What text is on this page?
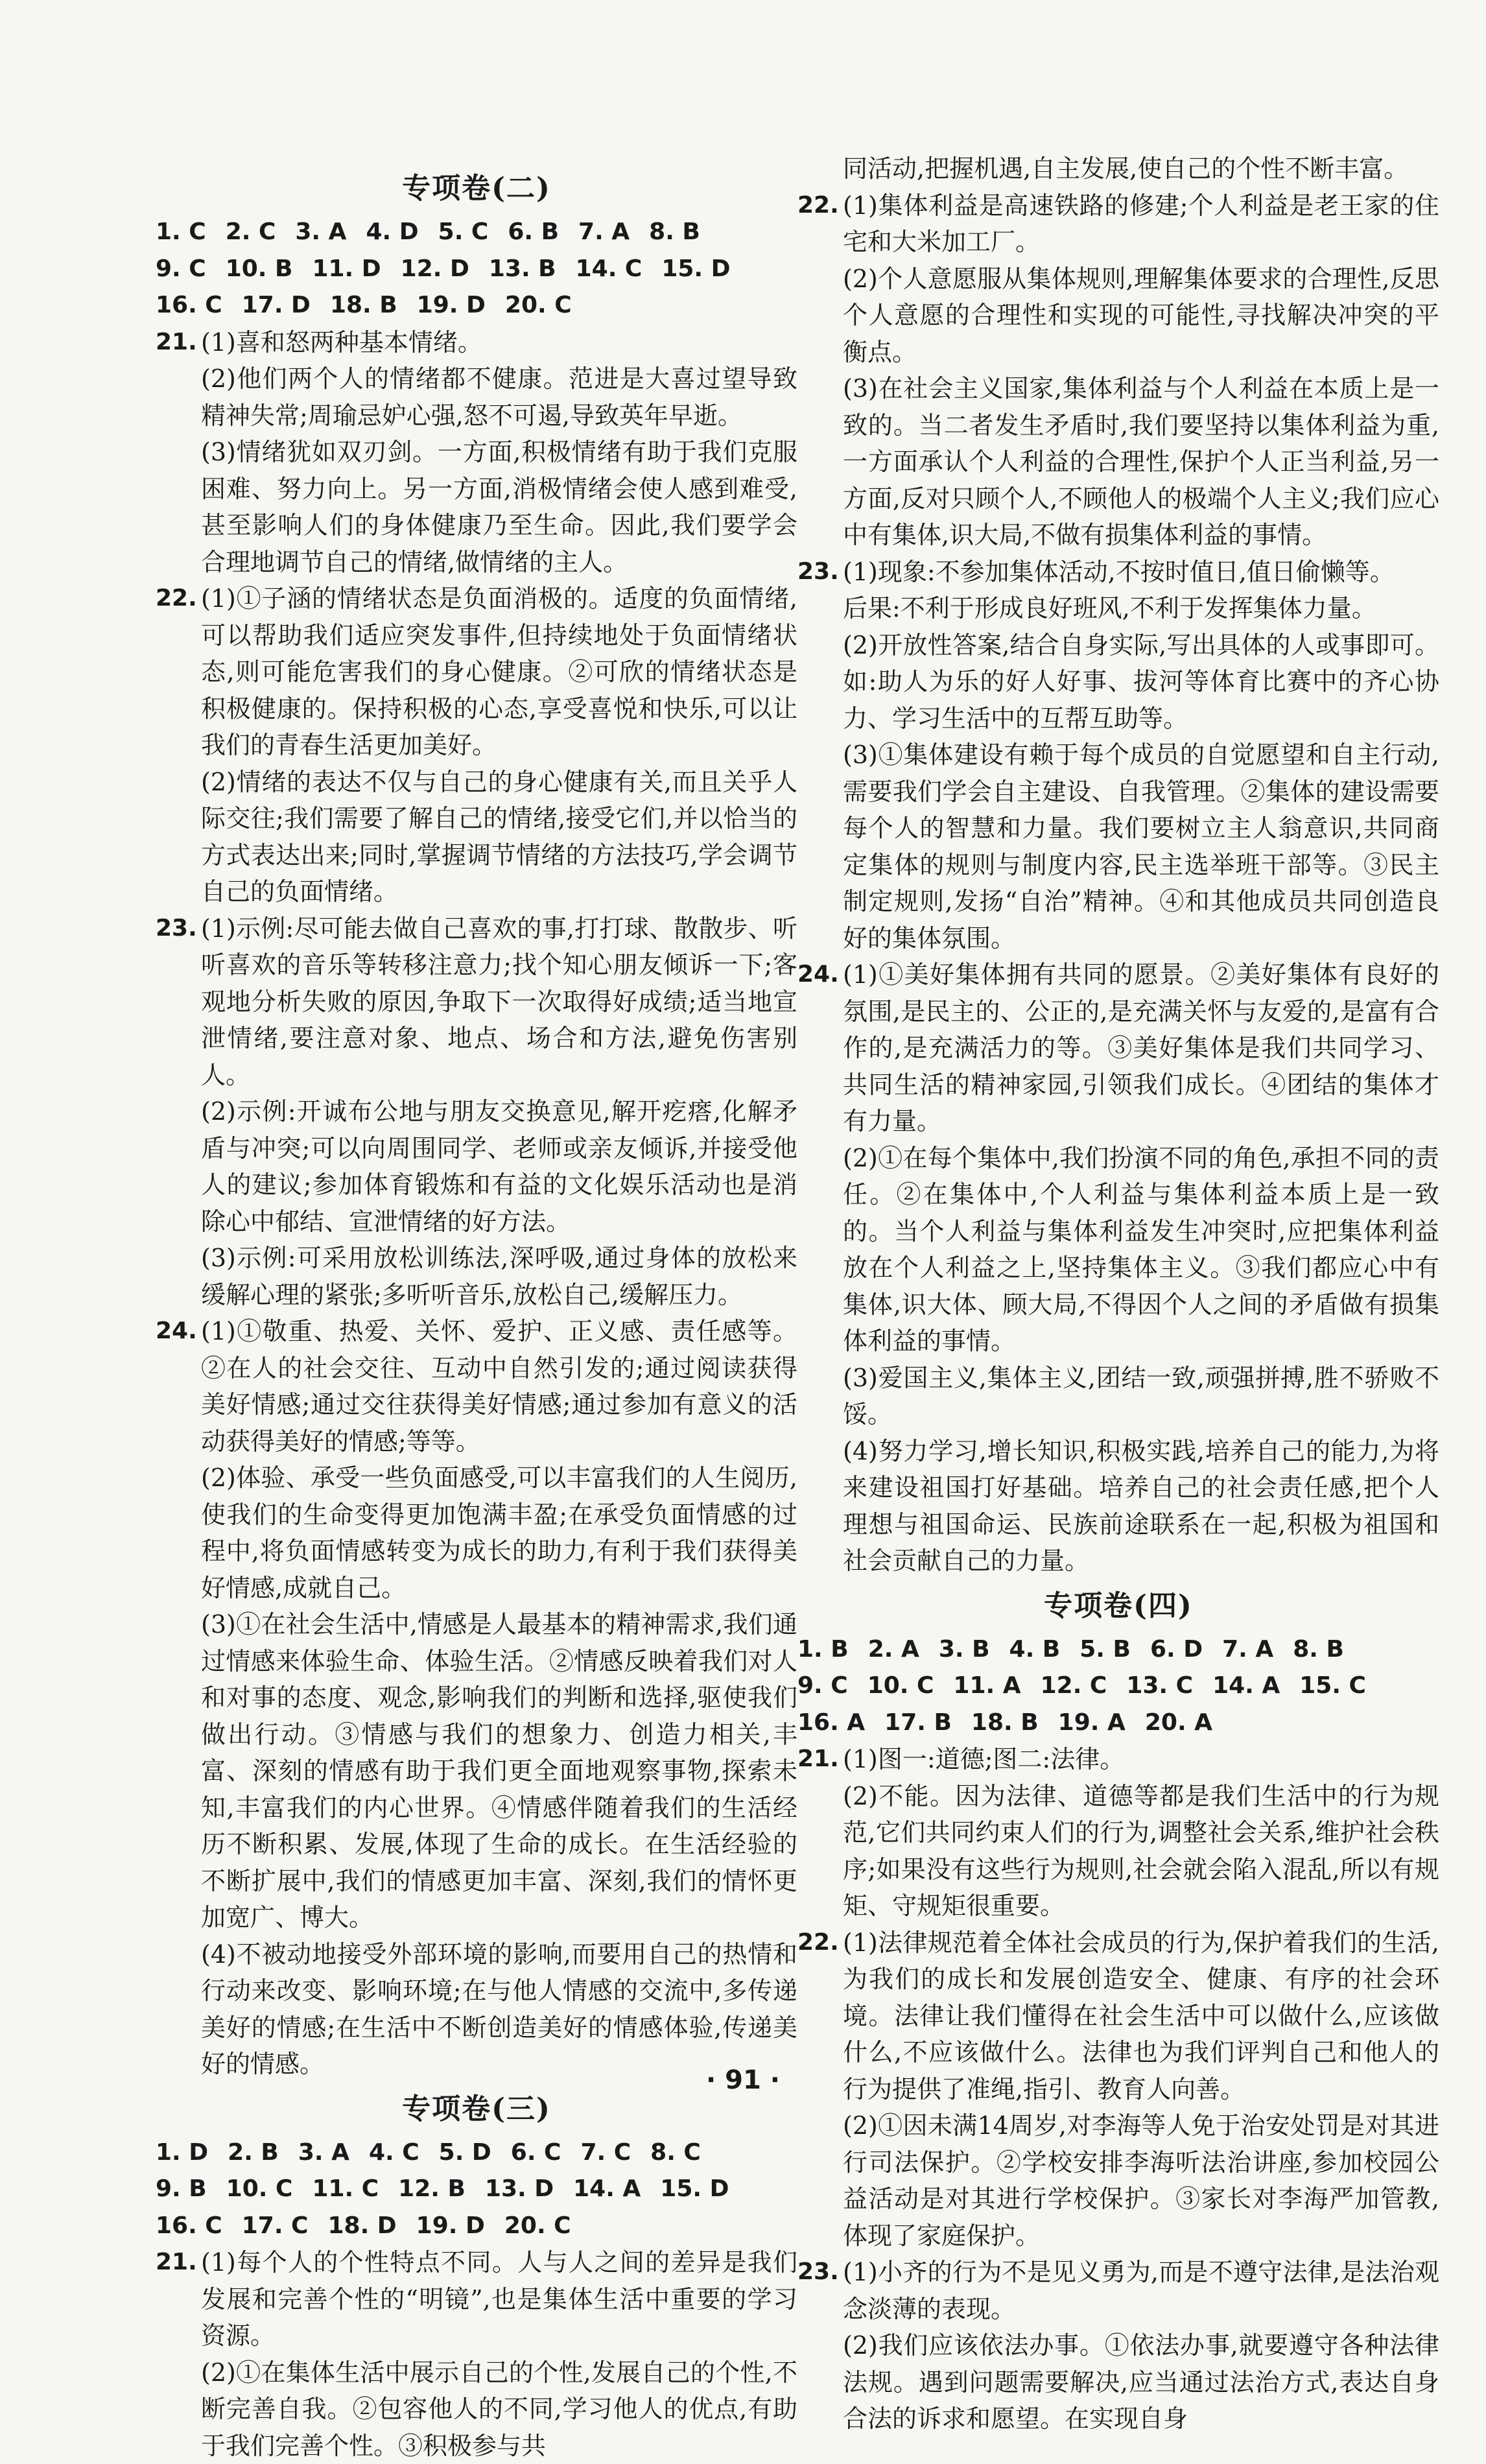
专项卷(二)
1. C 2. C 3. A 4. D 5. C 6. B 7. A 8. B
9. C 10. B 11. D 12. D 13. B 14. C 15. D
16. C 17. D 18. B 19. D 20. C
21. (1)喜和怒两种基本情绪。

(2)他们两个人的情绪都不健康。范进是大喜过望导致精神失常;周瑜忌妒心强,怒不可遏,导致英年早逝。

(3)情绪犹如双刃剑。一方面,积极情绪有助于我们克服困难、努力向上。另一方面,消极情绪会使人感到难受,甚至影响人们的身体健康乃至生命。因此,我们要学会合理地调节自己的情绪,做情绪的主人。

22. (1)①子涵的情绪状态是负面消极的。适度的负面情绪,可以帮助我们适应突发事件,但持续地处于负面情绪状态,则可能危害我们的身心健康。②可欣的情绪状态是积极健康的。保持积极的心态,享受喜悦和快乐,可以让我们的青春生活更加美好。

(2)情绪的表达不仅与自己的身心健康有关,而且关乎人际交往;我们需要了解自己的情绪,接受它们,并以恰当的方式表达出来;同时,掌握调节情绪的方法技巧,学会调节自己的负面情绪。

23. (1)示例:尽可能去做自己喜欢的事,打打球、散散步、听听喜欢的音乐等转移注意力;找个知心朋友倾诉一下;客观地分析失败的原因,争取下一次取得好成绩;适当地宣泄情绪,要注意对象、地点、场合和方法,避免伤害别人。

(2)示例:开诚布公地与朋友交换意见,解开疙瘩,化解矛盾与冲突;可以向周围同学、老师或亲友倾诉,并接受他人的建议;参加体育锻炼和有益的文化娱乐活动也是消除心中郁结、宣泄情绪的好方法。

(3)示例:可采用放松训练法,深呼吸,通过身体的放松来缓解心理的紧张;多听听音乐,放松自己,缓解压力。

24. (1)①敬重、热爱、关怀、爱护、正义感、责任感等。②在人的社会交往、互动中自然引发的;通过阅读获得美好情感;通过交往获得美好情感;通过参加有意义的活动获得美好的情感;等等。

(2)体验、承受一些负面感受,可以丰富我们的人生阅历,使我们的生命变得更加饱满丰盈;在承受负面情感的过程中,将负面情感转变为成长的助力,有利于我们获得美好情感,成就自己。

(3)①在社会生活中,情感是人最基本的精神需求,我们通过情感来体验生命、体验生活。②情感反映着我们对人和对事的态度、观念,影响我们的判断和选择,驱使我们做出行动。③情感与我们的想象力、创造力相关,丰富、深刻的情感有助于我们更全面地观察事物,探索未知,丰富我们的内心世界。④情感伴随着我们的生活经历不断积累、发展,体现了生命的成长。在生活经验的不断扩展中,我们的情感更加丰富、深刻,我们的情怀更加宽广、博大。

(4)不被动地接受外部环境的影响,而要用自己的热情和行动来改变、影响环境;在与他人情感的交流中,多传递美好的情感;在生活中不断创造美好的情感体验,传递美好的情感。

专项卷(三)
1. D 2. B 3. A 4. C 5. D 6. C 7. C 8. C
9. B 10. C 11. C 12. B 13. D 14. A 15. D
16. C 17. C 18. D 19. D 20. C
21. (1)每个人的个性特点不同。人与人之间的差异是我们发展和完善个性的“明镜”,也是集体生活中重要的学习资源。

(2)①在集体生活中展示自己的个性,发展自己的个性,不断完善自我。②包容他人的不同,学习他人的优点,有助于我们完善个性。③积极参与共

同活动,把握机遇,自主发展,使自己的个性不断丰富。

22. (1)集体利益是高速铁路的修建;个人利益是老王家的住宅和大米加工厂。

(2)个人意愿服从集体规则,理解集体要求的合理性,反思个人意愿的合理性和实现的可能性,寻找解决冲突的平衡点。

(3)在社会主义国家,集体利益与个人利益在本质上是一致的。当二者发生矛盾时,我们要坚持以集体利益为重,一方面承认个人利益的合理性,保护个人正当利益,另一方面,反对只顾个人,不顾他人的极端个人主义;我们应心中有集体,识大局,不做有损集体利益的事情。

23. (1)现象:不参加集体活动,不按时值日,值日偷懒等。

后果:不利于形成良好班风,不利于发挥集体力量。

(2)开放性答案,结合自身实际,写出具体的人或事即可。如:助人为乐的好人好事、拔河等体育比赛中的齐心协力、学习生活中的互帮互助等。

(3)①集体建设有赖于每个成员的自觉愿望和自主行动,需要我们学会自主建设、自我管理。②集体的建设需要每个人的智慧和力量。我们要树立主人翁意识,共同商定集体的规则与制度内容,民主选举班干部等。③民主制定规则,发扬“自治”精神。④和其他成员共同创造良好的集体氛围。

24. (1)①美好集体拥有共同的愿景。②美好集体有良好的氛围,是民主的、公正的,是充满关怀与友爱的,是富有合作的,是充满活力的等。③美好集体是我们共同学习、共同生活的精神家园,引领我们成长。④团结的集体才有力量。

(2)①在每个集体中,我们扮演不同的角色,承担不同的责任。②在集体中,个人利益与集体利益本质上是一致的。当个人利益与集体利益发生冲突时,应把集体利益放在个人利益之上,坚持集体主义。③我们都应心中有集体,识大体、顾大局,不得因个人之间的矛盾做有损集体利益的事情。

(3)爱国主义,集体主义,团结一致,顽强拼搏,胜不骄败不馁。

(4)努力学习,增长知识,积极实践,培养自己的能力,为将来建设祖国打好基础。培养自己的社会责任感,把个人理想与祖国命运、民族前途联系在一起,积极为祖国和社会贡献自己的力量。

专项卷(四)
1. B 2. A 3. B 4. B 5. B 6. D 7. A 8. B
9. C 10. C 11. A 12. C 13. C 14. A 15. C
16. A 17. B 18. B 19. A 20. A
21. (1)图一:道德;图二:法律。

(2)不能。因为法律、道德等都是我们生活中的行为规范,它们共同约束人们的行为,调整社会关系,维护社会秩序;如果没有这些行为规则,社会就会陷入混乱,所以有规矩、守规矩很重要。

22. (1)法律规范着全体社会成员的行为,保护着我们的生活,为我们的成长和发展创造安全、健康、有序的社会环境。法律让我们懂得在社会生活中可以做什么,应该做什么,不应该做什么。法律也为我们评判自己和他人的行为提供了准绳,指引、教育人向善。

(2)①因未满14周岁,对李海等人免于治安处罚是对其进行司法保护。②学校安排李海听法治讲座,参加校园公益活动是对其进行学校保护。③家长对李海严加管教,体现了家庭保护。

23. (1)小齐的行为不是见义勇为,而是不遵守法律,是法治观念淡薄的表现。

(2)我们应该依法办事。①依法办事,就要遵守各种法律法规。遇到问题需要解决,应当通过法治方式,表达自身合法的诉求和愿望。在实现自身

· 91 ·
